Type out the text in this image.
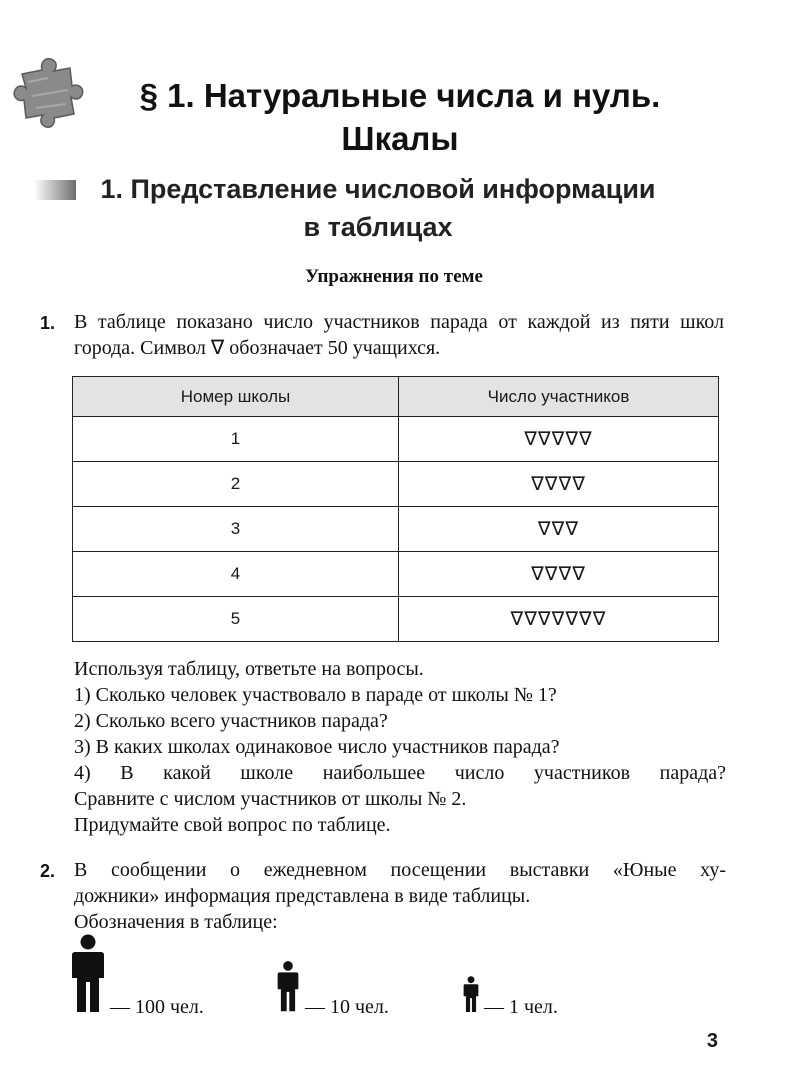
§ 1. Натуральные числа и нуль.
Шкалы
1. Представление числовой информации
в таблицах
Упражнения по теме
1. В таблице показано число участников парада от каждой из пяти школ города. Символ ∇ обозначает 50 учащихся.
Номер школы	Число участников
1	∇∇∇∇∇
2	∇∇∇∇
3	∇∇∇
4	∇∇∇∇
5	∇∇∇∇∇∇∇
Используя таблицу, ответьте на вопросы.
1) Сколько человек участвовало в параде от школы № 1?
2) Сколько всего участников парада?
3) В каких школах одинаковое число участников парада?
4) В какой школе наибольшее число участников парада?
Сравните с числом участников от школы № 2.
Придумайте свой вопрос по таблице.
2. В сообщении о ежедневном посещении выставки «Юные ху-
дожники» информация представлена в виде таблицы.
Обозначения в таблице:
— 100 чел.	— 10 чел.	— 1 чел.
3
